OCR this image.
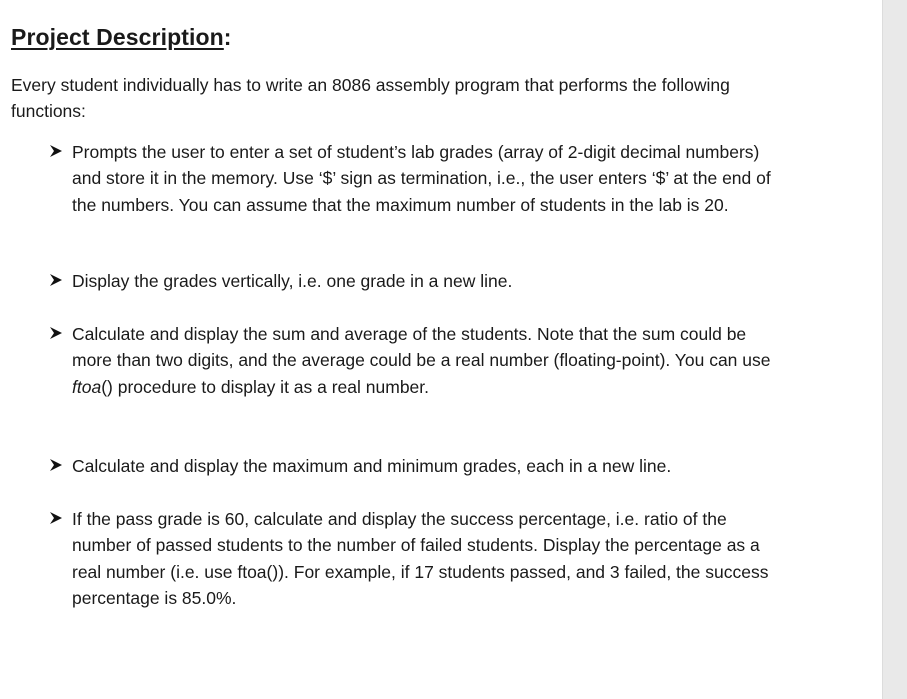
Project Description:
Every student individually has to write an 8086 assembly program that performs the following functions:
Prompts the user to enter a set of student’s lab grades (array of 2-digit decimal numbers) and store it in the memory. Use ‘$’ sign as termination, i.e., the user enters ‘$’ at the end of the numbers. You can assume that the maximum number of students in the lab is 20.
Display the grades vertically, i.e. one grade in a new line.
Calculate and display the sum and average of the students. Note that the sum could be more than two digits, and the average could be a real number (floating-point). You can use ftoa() procedure to display it as a real number.
Calculate and display the maximum and minimum grades, each in a new line.
If the pass grade is 60, calculate and display the success percentage, i.e. ratio of the number of passed students to the number of failed students. Display the percentage as a real number (i.e. use ftoa()). For example, if 17 students passed, and 3 failed, the success percentage is 85.0%.
